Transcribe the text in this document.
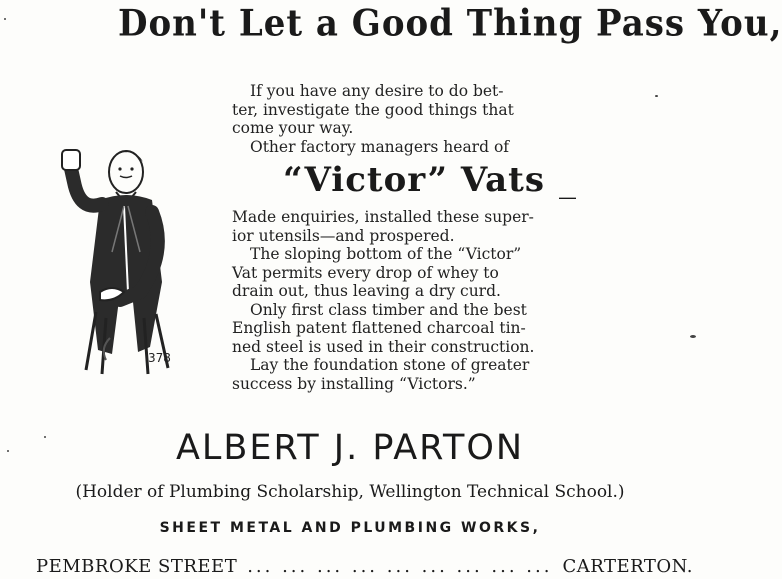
Don't Let a Good Thing Pass You,
If you have any desire to do bet-
ter, investigate the good things that
come your way.
Other factory managers heard of
“Victor” Vats _
Made enquiries, installed these super-
ior utensils—and prospered.
The sloping bottom of the “Victor”
Vat permits every drop of whey to
drain out, thus leaving a dry curd.
Only first class timber and the best
English patent flattened charcoal tin-
ned steel is used in their construction.
Lay the foundation stone of greater
success by installing “Victors.”
378
ALBERT J. PARTON
(Holder of Plumbing Scholarship, Wellington Technical School.)
SHEET METAL AND PLUMBING WORKS,
PEMBROKE STREET ... ... ... ... ... ... ... ... ... CARTERTON.
